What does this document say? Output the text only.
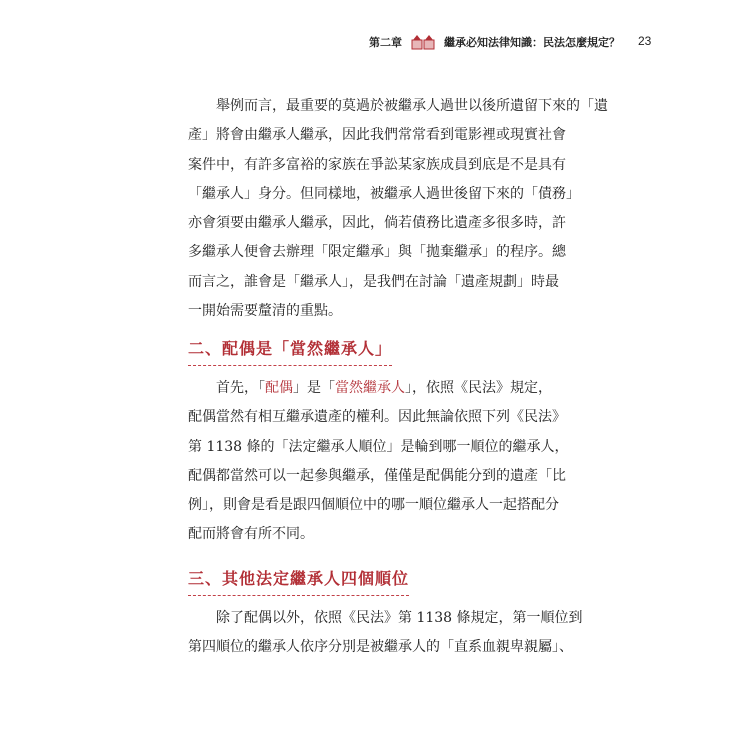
第二章	繼承必知法律知識：民法怎麼規定？ 23

舉例而言，最重要的莫過於被繼承人過世以後所遺留下來的「遺

產」將會由繼承人繼承，因此我們常常看到電影裡或現實社會

案件中，有許多富裕的家族在爭訟某家族成員到底是不是具有

「繼承人」身分。但同樣地，被繼承人過世後留下來的「債務」

亦會須要由繼承人繼承，因此，倘若債務比遺產多很多時，許

多繼承人便會去辦理「限定繼承」與「拋棄繼承」的程序。總

而言之，誰會是「繼承人」，是我們在討論「遺產規劃」時最

一開始需要釐清的重點。

二、配偶是「當然繼承人」

首先，「配偶」是「當然繼承人」，依照《民法》規定，

配偶當然有相互繼承遺產的權利。因此無論依照下列《民法》

第 1138 條的「法定繼承人順位」是輪到哪一順位的繼承人，

配偶都當然可以一起參與繼承，僅僅是配偶能分到的遺產「比

例」，則會是看是跟四個順位中的哪一順位繼承人一起搭配分

配而將會有所不同。

三、其他法定繼承人四個順位

除了配偶以外，依照《民法》第 1138 條規定，第一順位到

第四順位的繼承人依序分別是被繼承人的「直系血親卑親屬」、
